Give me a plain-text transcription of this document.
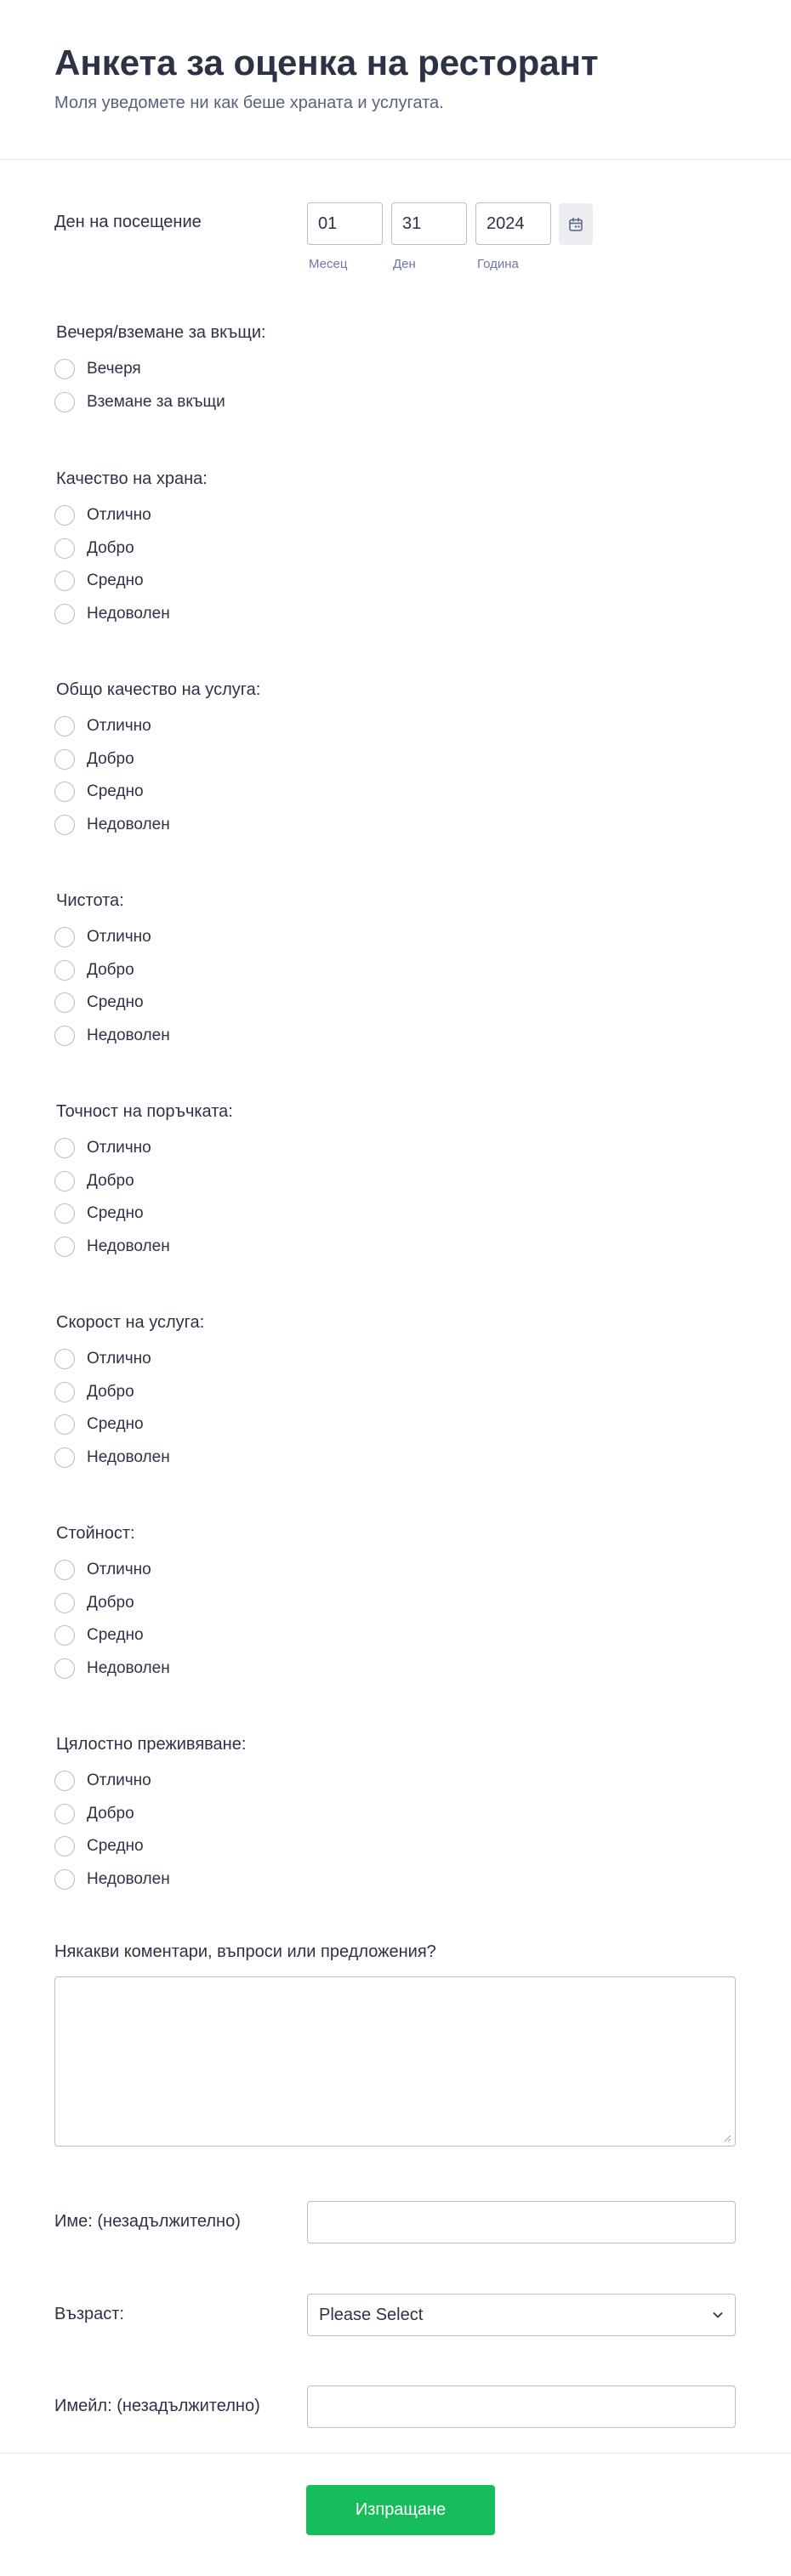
Анкета за оценка на ресторант
Моля уведомете ни как беше храната и услугата.
Ден на посещение	01	31	2024
Месец	Ден	Година
Вечеря/вземане за вкъщи:
Вечеря
Вземане за вкъщи
Качество на храна:
Отлично
Добро
Средно
Недоволен
Общо качество на услуга:
Отлично
Добро
Средно
Недоволен
Чистота:
Отлично
Добро
Средно
Недоволен
Точност на поръчката:
Отлично
Добро
Средно
Недоволен
Скорост на услуга:
Отлично
Добро
Средно
Недоволен
Стойност:
Отлично
Добро
Средно
Недоволен
Цялостно преживяване:
Отлично
Добро
Средно
Недоволен
Някакви коментари, въпроси или предложения?
Име: (незадължително)
Възраст:	Please Select
Имейл: (незадължително)
Изпращане
